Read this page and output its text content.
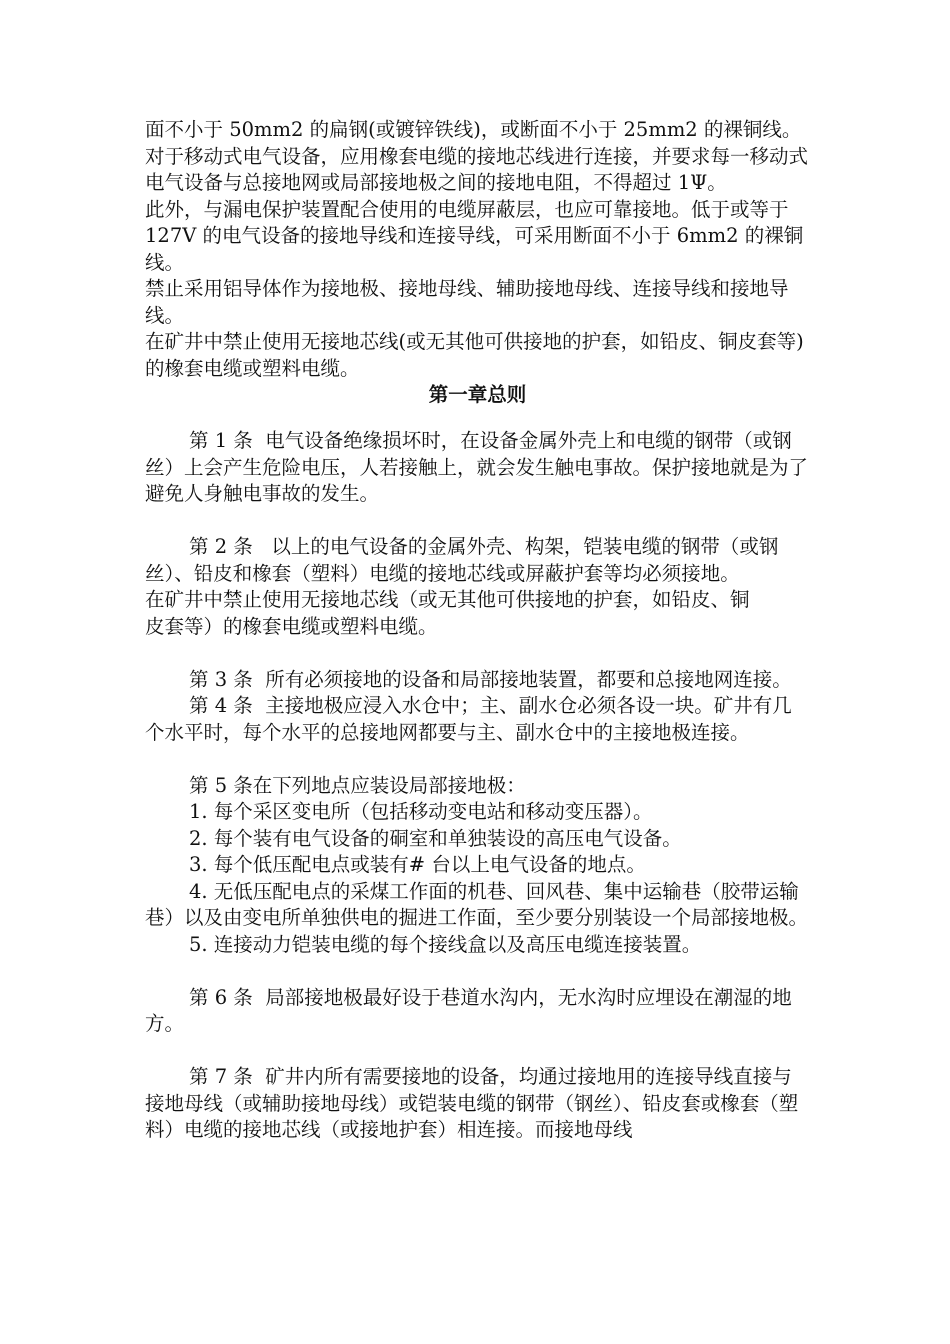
面不小于 50mm2 的扁钢(或镀锌铁线)，或断面不小于 25mm2 的裸铜线。对于移动式电气设备，应用橡套电缆的接地芯线进行连接，并要求每一移动式电气设备与总接地网或局部接地极之间的接地电阻，不得超过 1Ψ。

此外，与漏电保护装置配合使用的电缆屏蔽层，也应可靠接地。低于或等于 127V 的电气设备的接地导线和连接导线，可采用断面不小于 6mm2 的裸铜线。

禁止采用铝导体作为接地极、接地母线、辅助接地母线、连接导线和接地导线。

在矿井中禁止使用无接地芯线(或无其他可供接地的护套，如铅皮、铜皮套等)的橡套电缆或塑料电缆。

第一章总则

第 1 条  电气设备绝缘损坏时，在设备金属外壳上和电缆的钢带（或钢丝）上会产生危险电压，人若接触上，就会发生触电事故。保护接地就是为了避免人身触电事故的发生。

第 2 条   以上的电气设备的金属外壳、构架，铠装电缆的钢带（或钢丝）、铅皮和橡套（塑料）电缆的接地芯线或屏蔽护套等均必须接地。

在矿井中禁止使用无接地芯线（或无其他可供接地的护套，如铅皮、铜

皮套等）的橡套电缆或塑料电缆。

第 3 条  所有必须接地的设备和局部接地装置，都要和总接地网连接。

第 4 条  主接地极应浸入水仓中；主、副水仓必须各设一块。矿井有几个水平时，每个水平的总接地网都要与主、副水仓中的主接地极连接。

第 5 条在下列地点应装设局部接地极：

1. 每个采区变电所（包括移动变电站和移动变压器）。

2. 每个装有电气设备的硐室和单独装设的高压电气设备。

3. 每个低压配电点或装有# 台以上电气设备的地点。

4. 无低压配电点的采煤工作面的机巷、回风巷、集中运输巷（胶带运输巷）以及由变电所单独供电的掘进工作面，至少要分别装设一个局部接地极。

5. 连接动力铠装电缆的每个接线盒以及高压电缆连接装置。

第 6 条  局部接地极最好设于巷道水沟内，无水沟时应埋设在潮湿的地方。

第 7 条  矿井内所有需要接地的设备，均通过接地用的连接导线直接与接地母线（或辅助接地母线）或铠装电缆的钢带（钢丝）、铅皮套或橡套（塑料）电缆的接地芯线（或接地护套）相连接。而接地母线
